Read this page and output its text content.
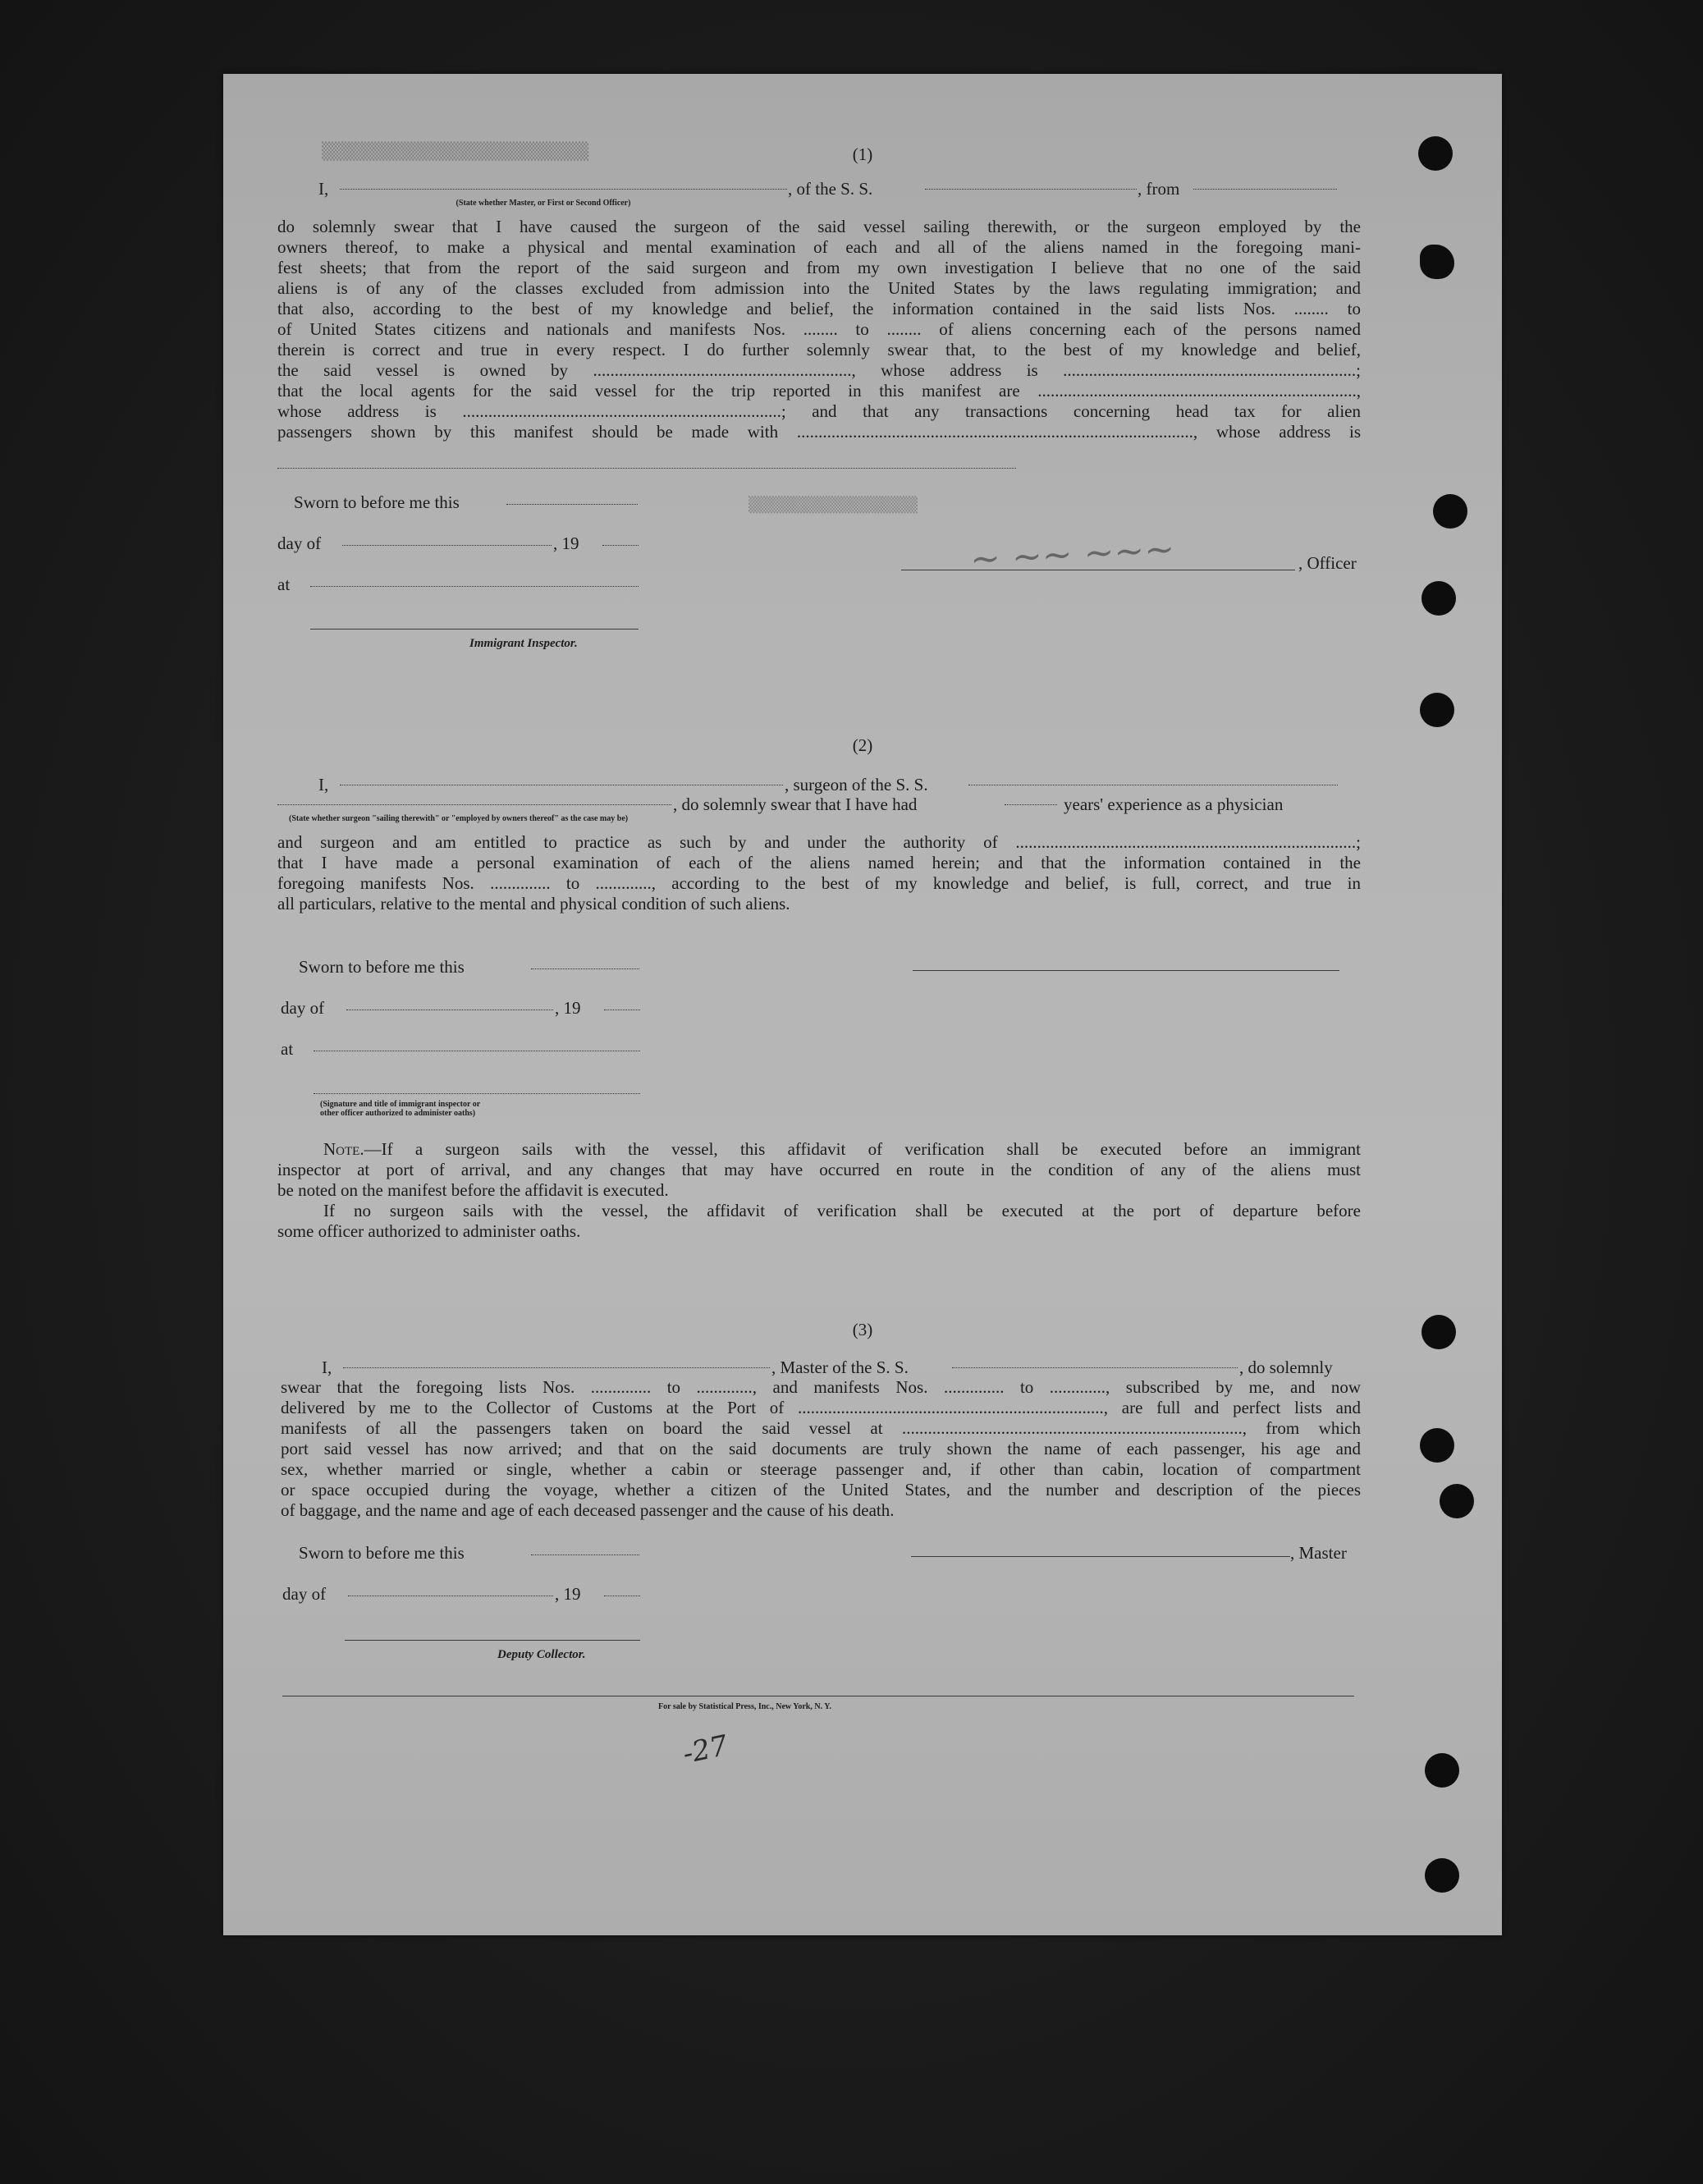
▒▒▒▒▒▒▒▒▒▒▒▒▒▒▒▒▒▒▒▒▒▒▒▒▒▒▒
▒▒▒▒▒▒▒▒▒▒▒▒▒▒▒▒▒▒▒
(1)
I,	, of the S. S.	, from
(State whether Master, or First or Second Officer)
do solemnly swear that I have caused the surgeon of the said vessel sailing therewith, or the surgeon employed by the
owners thereof, to make a physical and mental examination of each and all of the aliens named in the foregoing mani-
fest sheets; that from the report of the said surgeon and from my own investigation I believe that no one of the said
aliens is of any of the classes excluded from admission into the United States by the laws regulating immigration; and
that also, according to the best of my knowledge and belief, the information contained in the said lists Nos. ........ to
of United States citizens and nationals and manifests Nos. ........ to ........ of aliens concerning each of the persons named
therein is correct and true in every respect. I do further solemnly swear that, to the best of my knowledge and belief,
the said vessel is owned by ............................................................, whose address is ....................................................................;
that the local agents for the said vessel for the trip reported in this manifest are ..........................................................................,
whose address is ..........................................................................; and that any transactions concerning head tax for alien
passengers shown by this manifest should be made with ............................................................................................, whose address is
Sworn to before me this
day of	, 19
at
, Officer
~ ~~ ~~~
Immigrant Inspector.
(2)
I,	, surgeon of the S. S.
, do solemnly swear that I have had	years' experience as a physician
(State whether surgeon "sailing therewith" or "employed by owners thereof" as the case may be)
and surgeon and am entitled to practice as such by and under the authority of ...............................................................................;
that I have made a personal examination of each of the aliens named herein; and that the information contained in the
foregoing manifests Nos. .............. to ............., according to the best of my knowledge and belief, is full, correct, and true in
all particulars, relative to the mental and physical condition of such aliens.
Sworn to before me this
day of	, 19
at
(Signature and title of immigrant inspector or
other officer authorized to administer oaths)
Note.—If a surgeon sails with the vessel, this affidavit of verification shall be executed before an immigrant
inspector at port of arrival, and any changes that may have occurred en route in the condition of any of the aliens must
be noted on the manifest before the affidavit is executed.
If no surgeon sails with the vessel, the affidavit of verification shall be executed at the port of departure before
some officer authorized to administer oaths.
(3)
I,	, Master of the S. S.	, do solemnly
swear that the foregoing lists Nos. .............. to ............., and manifests Nos. .............. to ............., subscribed by me, and now
delivered by me to the Collector of Customs at the Port of ......................................................................., are full and perfect lists and
manifests of all the passengers taken on board the said vessel at ..............................................................................., from which
port said vessel has now arrived; and that on the said documents are truly shown the name of each passenger, his age and
sex, whether married or single, whether a cabin or steerage passenger and, if other than cabin, location of compartment
or space occupied during the voyage, whether a citizen of the United States, and the number and description of the pieces
of baggage, and the name and age of each deceased passenger and the cause of his death.
Sworn to before me this	, Master
day of	, 19
Deputy Collector.
For sale by Statistical Press, Inc., New York, N. Y.
-27
